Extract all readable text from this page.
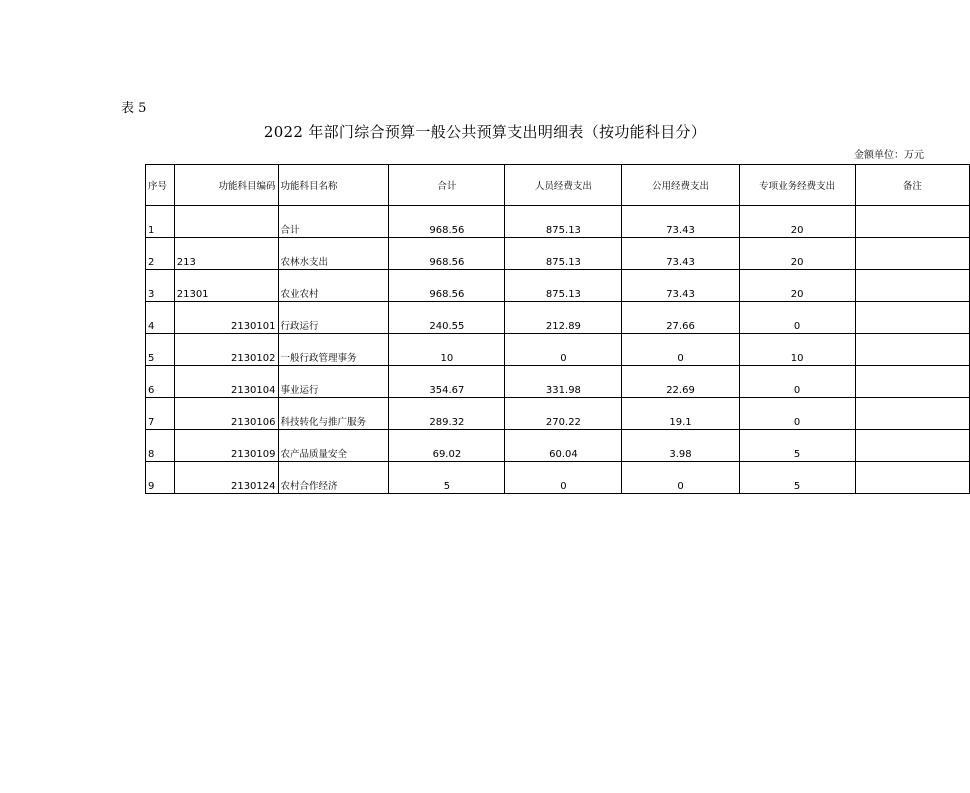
表 5
2022 年部门综合预算一般公共预算支出明细表（按功能科目分）
金额单位：万元
序号	功能科目编码	功能科目名称	合计	人员经费支出	公用经费支出	专项业务经费支出	备注
1		合计	968.56	875.13	73.43	20	
2	213	农林水支出	968.56	875.13	73.43	20	
3	21301	农业农村	968.56	875.13	73.43	20	
4	2130101	行政运行	240.55	212.89	27.66	0	
5	2130102	一般行政管理事务	10	0	0	10	
6	2130104	事业运行	354.67	331.98	22.69	0	
7	2130106	科技转化与推广服务	289.32	270.22	19.1	0	
8	2130109	农产品质量安全	69.02	60.04	3.98	5	
9	2130124	农村合作经济	5	0	0	5	
